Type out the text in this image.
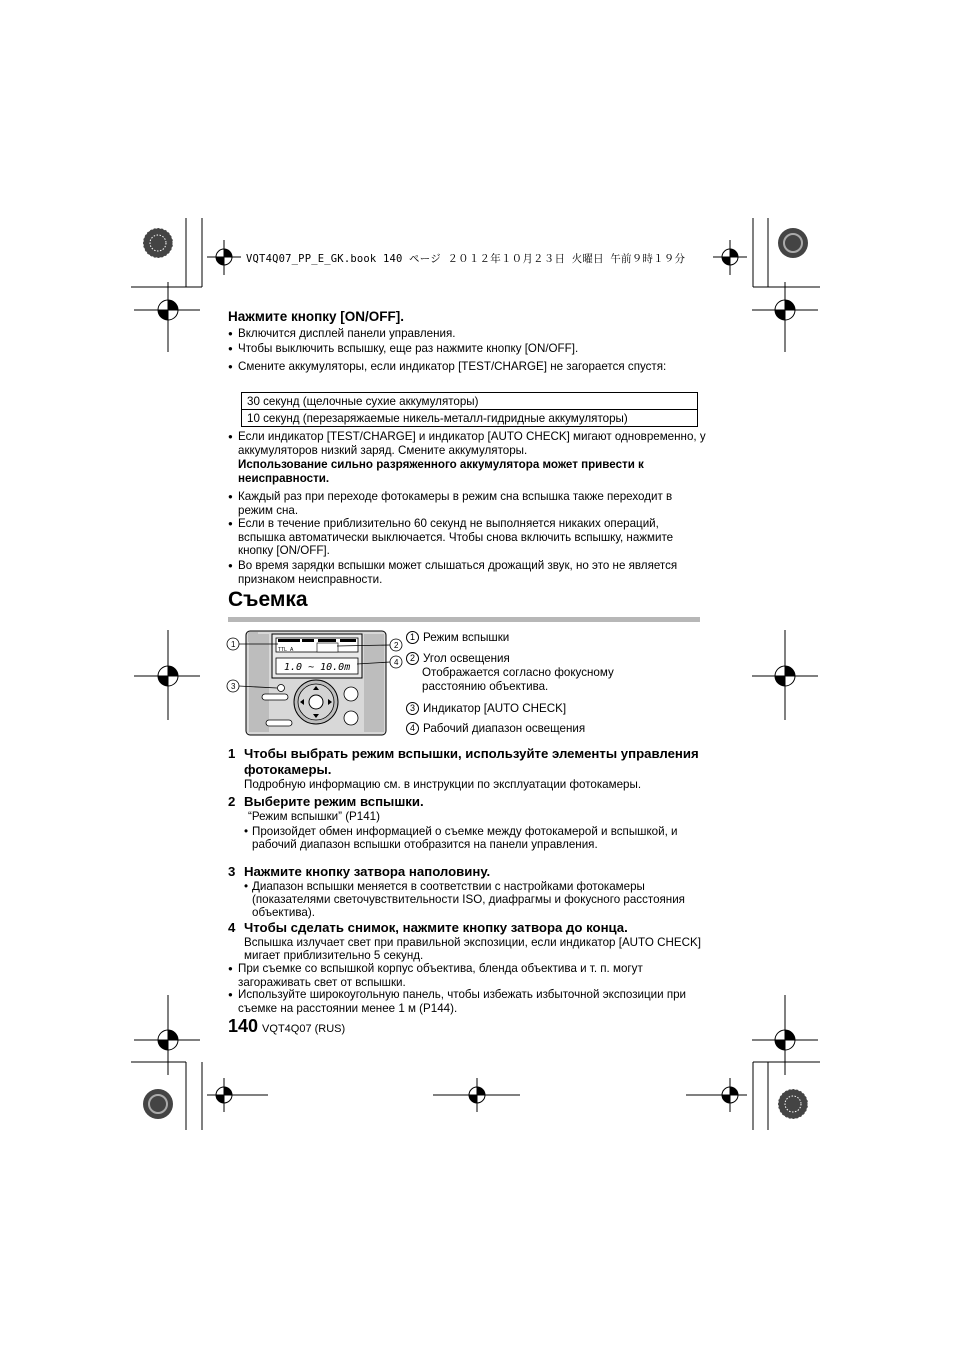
VQT4Q07_PP_E_GK.book 140 ページ ２０１２年１０月２３日 火曜日 午前９時１９分
Нажмите кнопку [ON/OFF].
● Включится дисплей панели управления.
● Чтобы выключить вспышку, еще раз нажмите кнопку [ON/OFF].
● Смените аккумуляторы, если индикатор [TEST/CHARGE] не загорается спустя:
30 секунд (щелочные сухие аккумуляторы)
10 секунд (перезаряжаемые никель-металл-гидридные аккумуляторы)
● Если индикатор [TEST/CHARGE] и индикатор [AUTO CHECK] мигают одновременно, у аккумуляторов низкий заряд. Смените аккумуляторы.
Использование сильно разряженного аккумулятора может привести к неисправности.
● Каждый раз при переходе фотокамеры в режим сна вспышка также переходит в режим сна.
● Если в течение приблизительно 60 секунд не выполняется никаких операций, вспышка автоматически выключается. Чтобы снова включить вспышку, нажмите кнопку [ON/OFF].
● Во время зарядки вспышки может слышаться дрожащий звук, но это не является признаком неисправности.
Съемка
TTL A
1.0 ~ 10.0m
1
3
2
4
1 Режим вспышки
2 Угол освещения
Отображается согласно фокусному расстоянию объектива.
3 Индикатор [AUTO CHECK]
4 Рабочий диапазон освещения
1 Чтобы выбрать режим вспышки, используйте элементы управления фотокамеры.
Подробную информацию см. в инструкции по эксплуатации фотокамеры.
2 Выберите режим вспышки.
“Режим вспышки” (P141)
• Произойдет обмен информацией о съемке между фотокамерой и вспышкой, и рабочий диапазон вспышки отобразится на панели управления.
3 Нажмите кнопку затвора наполовину.
• Диапазон вспышки меняется в соответствии с настройками фотокамеры (показателями светочувствительности ISO, диафрагмы и фокусного расстояния объектива).
4 Чтобы сделать снимок, нажмите кнопку затвора до конца.
Вспышка излучает свет при правильной экспозиции, если индикатор [AUTO CHECK] мигает приблизительно 5 секунд.
● При съемке со вспышкой корпус объектива, бленда объектива и т. п. могут загораживать свет от вспышки.
● Используйте широкоугольную панель, чтобы избежать избыточной экспозиции при съемке на расстоянии менее 1 м (P144).
140 VQT4Q07 (RUS)
